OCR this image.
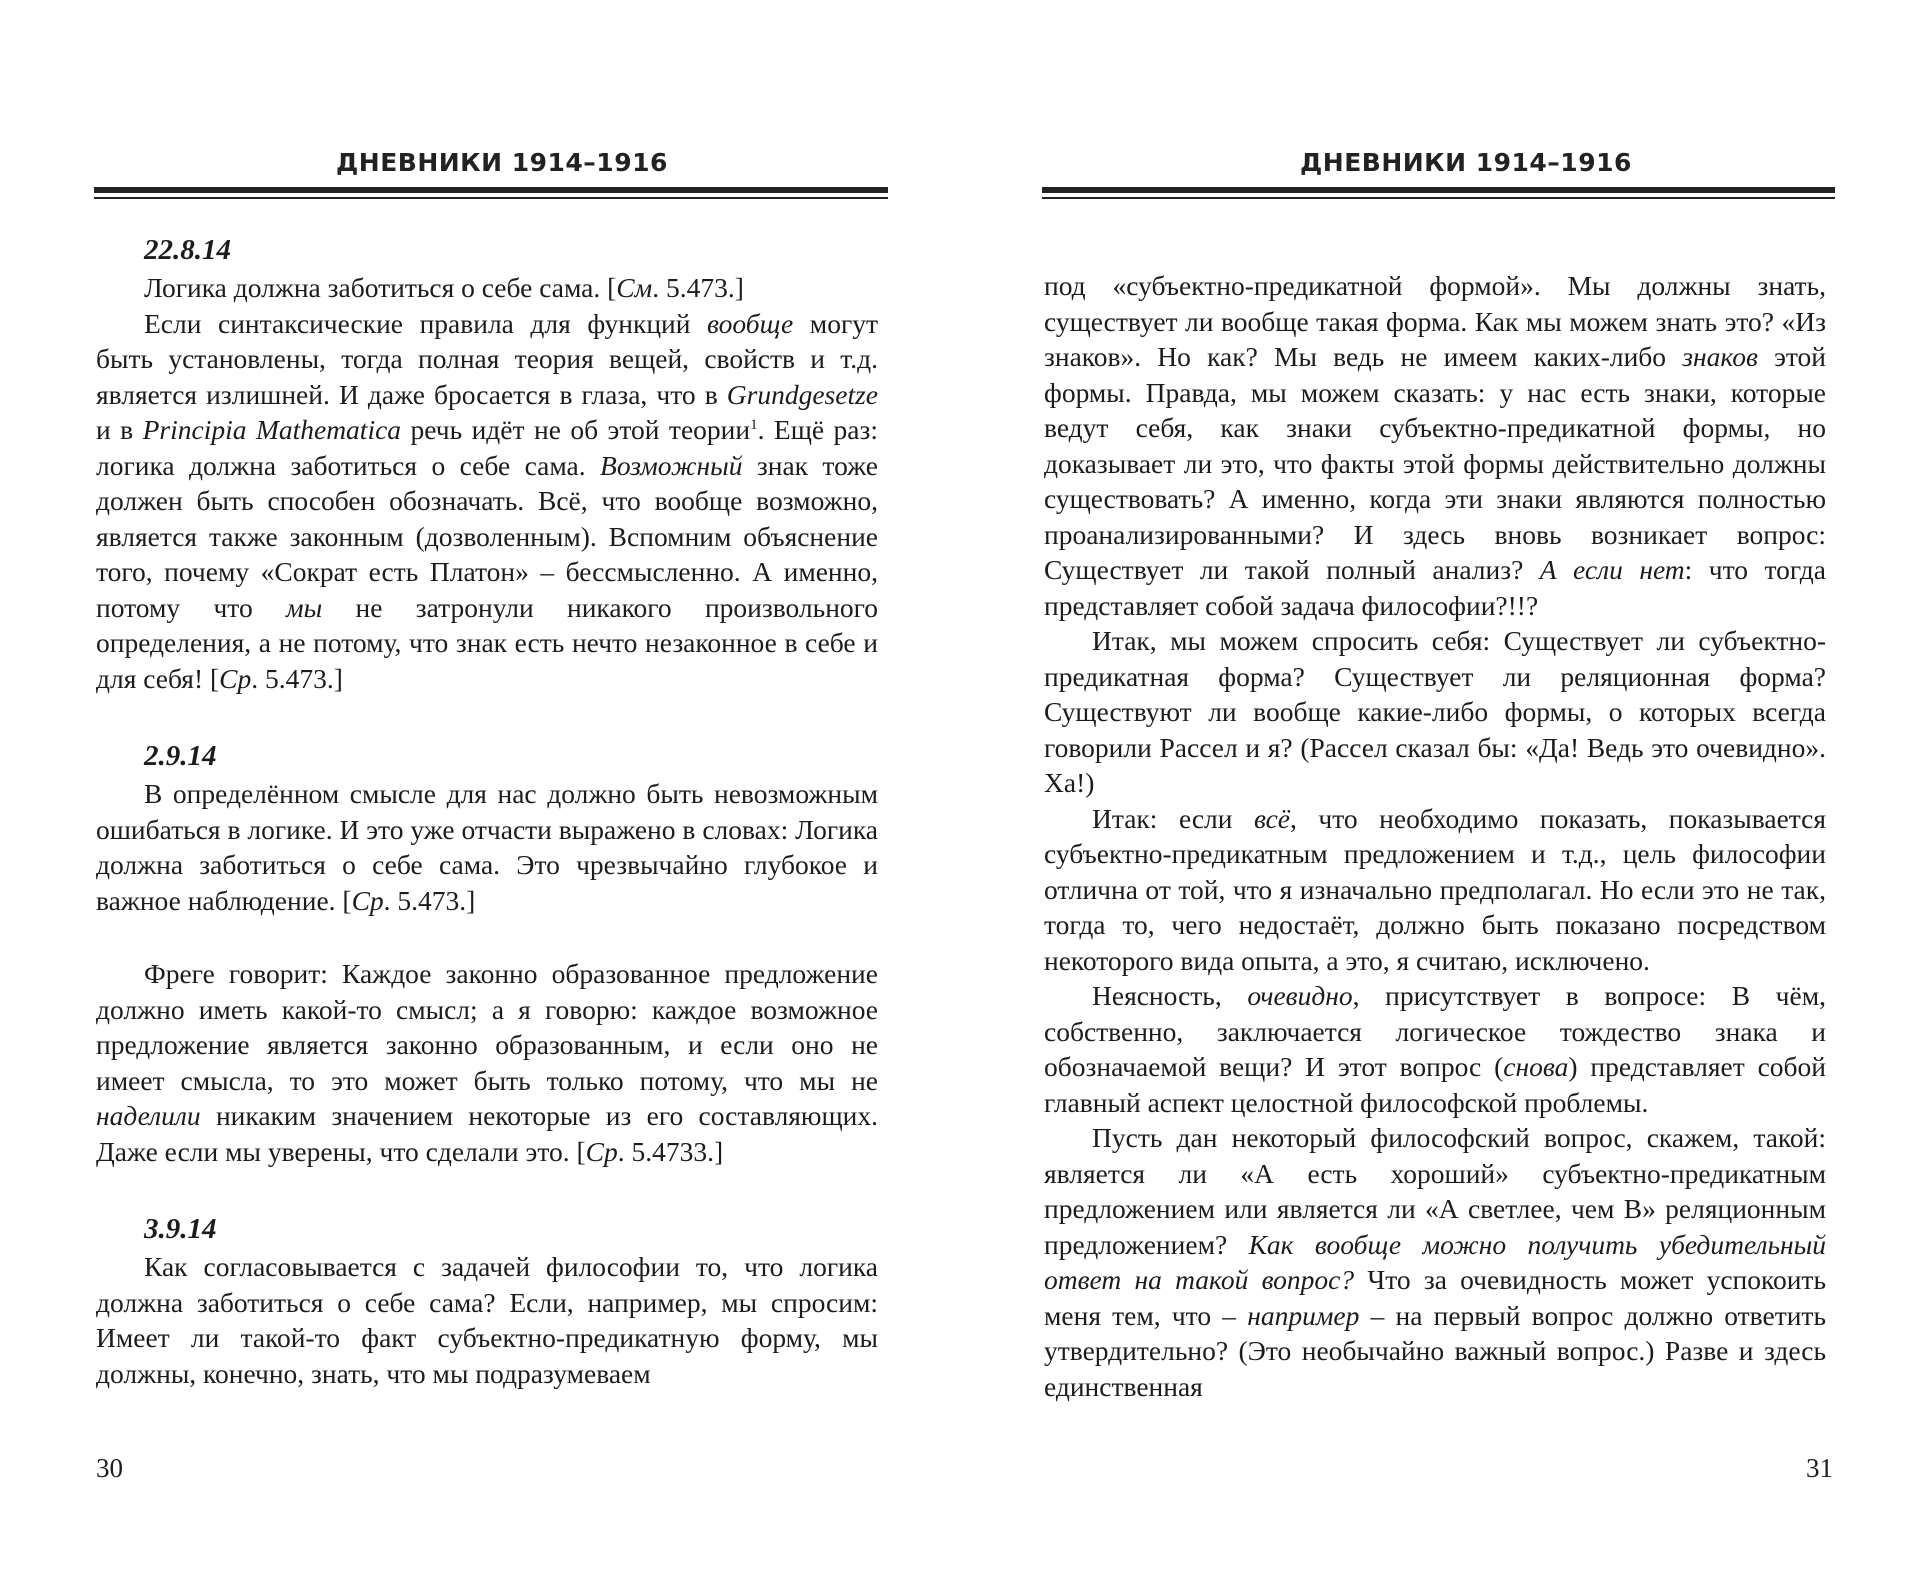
ДНЕВНИКИ 1914–1916
22.8.14

Логика должна заботиться о себе сама. [См. 5.473.]

Если синтаксические правила для функций вообще могут быть установлены, тогда полная теория вещей, свойств и т.д. является излишней. И даже бросается в глаза, что в Grundgesetze и в Principia Mathematica речь идёт не об этой теории$^1$. Ещё раз: логика должна заботиться о себе сама. Возможный знак тоже должен быть способен обозначать. Всё, что вообще возможно, является также законным (дозволенным). Вспомним объяснение того, почему «Сократ есть Платон» – бессмысленно. А именно, потому что мы не затронули никакого произвольного определения, а не потому, что знак есть нечто незаконное в себе и для себя! [Ср. 5.473.]

2.9.14

В определённом смысле для нас должно быть невозможным ошибаться в логике. И это уже отчасти выражено в словах: Логика должна заботиться о себе сама. Это чрезвычайно глубокое и важное наблюдение. [Ср. 5.473.]

Фреге говорит: Каждое законно образованное предложение должно иметь какой-то смысл; а я говорю: каждое возможное предложение является законно образованным, и если оно не имеет смысла, то это может быть только потому, что мы не наделили никаким значением некоторые из его составляющих. Даже если мы уверены, что сделали это. [Ср. 5.4733.]

3.9.14

Как согласовывается с задачей философии то, что логика должна заботиться о себе сама? Если, например, мы спросим: Имеет ли такой-то факт субъектно-предикатную форму, мы должны, конечно, знать, что мы подразумеваем

30
ДНЕВНИКИ 1914–1916

под «субъектно-предикатной формой». Мы должны знать, существует ли вообще такая форма. Как мы можем знать это? «Из знаков». Но как? Мы ведь не имеем каких-либо знаков этой формы. Правда, мы можем сказать: у нас есть знаки, которые ведут себя, как знаки субъектно-предикатной формы, но доказывает ли это, что факты этой формы действительно должны существовать? А именно, когда эти знаки являются полностью проанализированными? И здесь вновь возникает вопрос: Существует ли такой полный анализ? А если нет: что тогда представляет собой задача философии?!!?

Итак, мы можем спросить себя: Существует ли субъектно-предикатная форма? Существует ли реляционная форма? Существуют ли вообще какие-либо формы, о которых всегда говорили Рассел и я? (Рассел сказал бы: «Да! Ведь это очевидно». Ха!)

Итак: если всё, что необходимо показать, показывается субъектно-предикатным предложением и т.д., цель философии отлична от той, что я изначально предполагал. Но если это не так, тогда то, чего недостаёт, должно быть показано посредством некоторого вида опыта, а это, я считаю, исключено.

Неясность, очевидно, присутствует в вопросе: В чём, собственно, заключается логическое тождество знака и обозначаемой вещи? И этот вопрос (снова) представляет собой главный аспект целостной философской проблемы.

Пусть дан некоторый философский вопрос, скажем, такой: является ли «А есть хороший» субъектно-предикатным предложением или является ли «А светлее, чем В» реляционным предложением? Как вообще можно получить убедительный ответ на такой вопрос? Что за очевидность может успокоить меня тем, что – например – на первый вопрос должно ответить утвердительно? (Это необычайно важный вопрос.) Разве и здесь единственная

31
